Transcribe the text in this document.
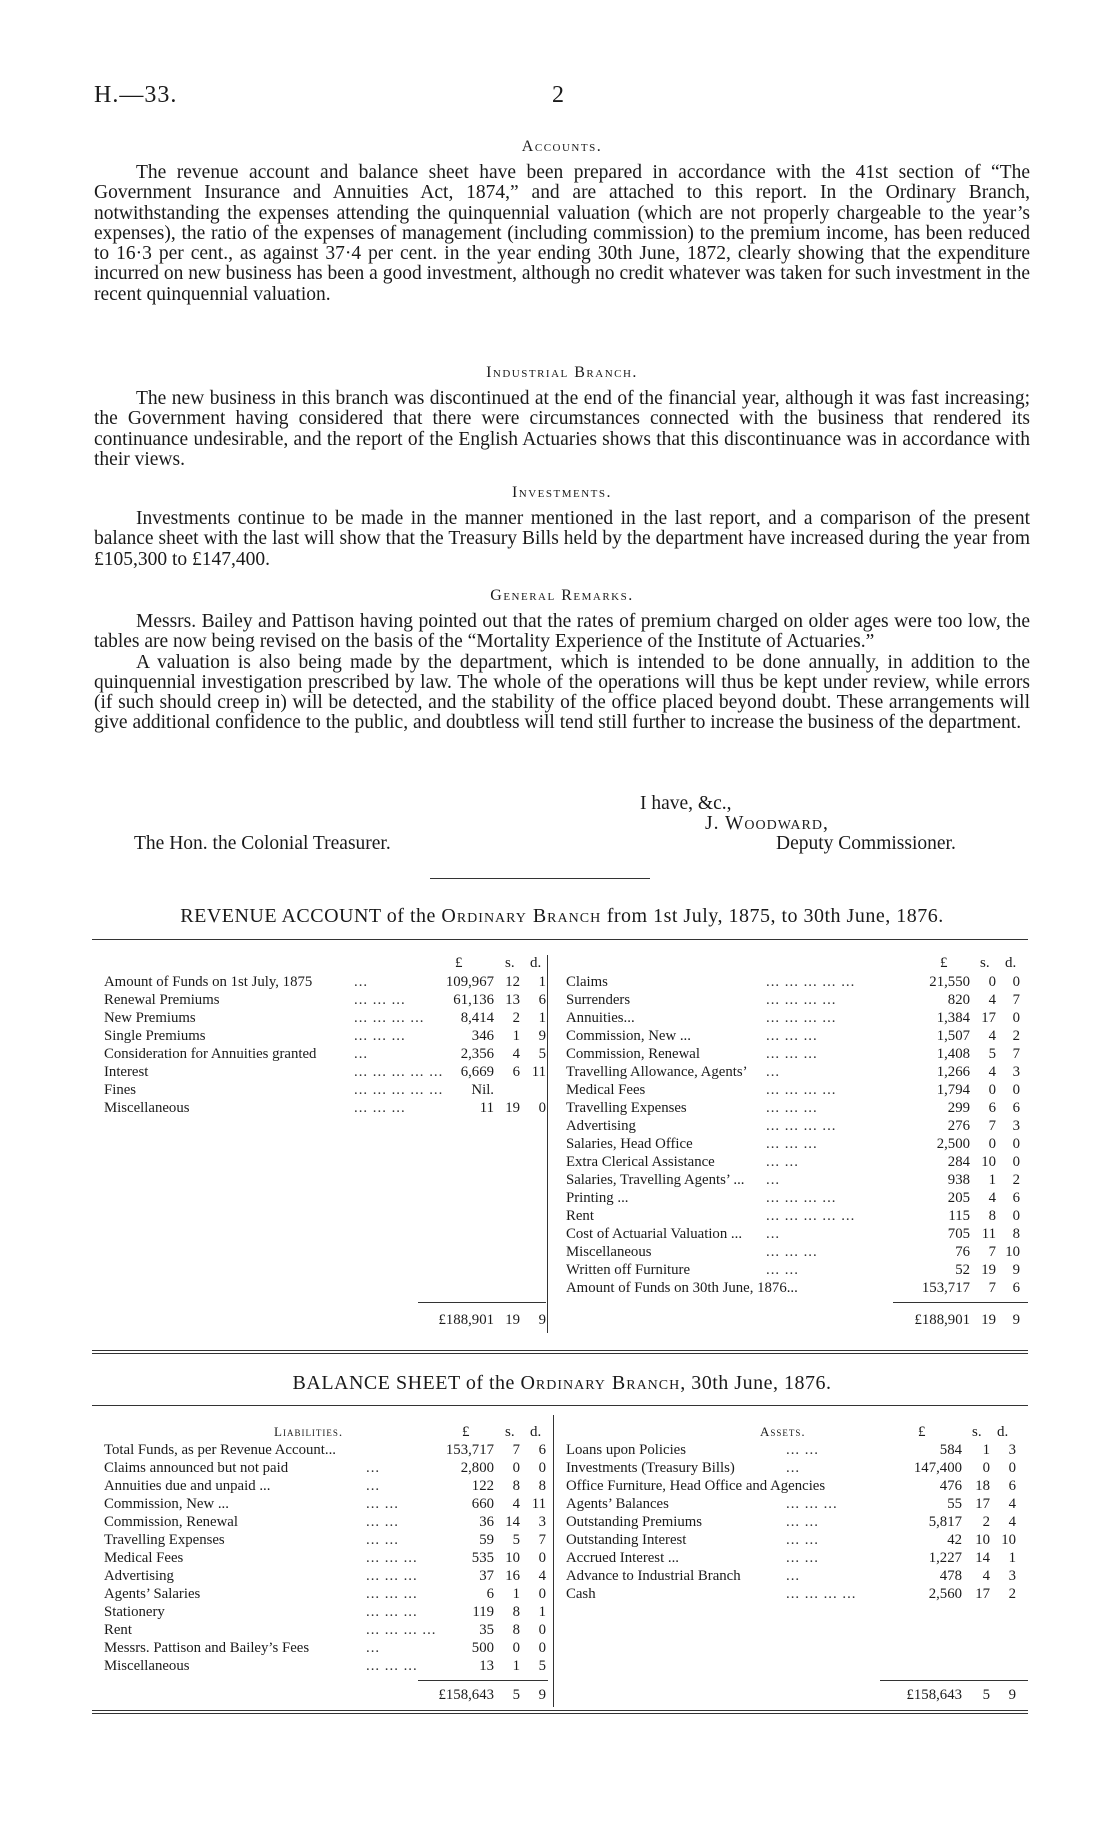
H.—33.	2
Accounts.

The revenue account and balance sheet have been prepared in accordance with the 41st section of “The Government Insurance and Annuities Act, 1874,” and are attached to this report. In the Ordinary Branch, notwithstanding the expenses attending the quinquennial valuation (which are not properly chargeable to the year’s expenses), the ratio of the expenses of management (including commission) to the premium income, has been reduced to 16·3 per cent., as against 37·4 per cent. in the year ending 30th June, 1872, clearly showing that the expenditure incurred on new business has been a good investment, although no credit whatever was taken for such investment in the recent quinquennial valuation.

Industrial Branch.

The new business in this branch was discontinued at the end of the financial year, although it was fast increasing; the Government having considered that there were circumstances connected with the business that rendered its continuance undesirable, and the report of the English Actuaries shows that this discontinuance was in accordance with their views.

Investments.

Investments continue to be made in the manner mentioned in the last report, and a comparison of the present balance sheet with the last will show that the Treasury Bills held by the department have increased during the year from £105,300 to £147,400.

General Remarks.

Messrs. Bailey and Pattison having pointed out that the rates of premium charged on older ages were too low, the tables are now being revised on the basis of the “Mortality Experience of the Institute of Actuaries.”

A valuation is also being made by the department, which is intended to be done annually, in addition to the quinquennial investigation prescribed by law. The whole of the operations will thus be kept under review, while errors (if such should creep in) will be detected, and the stability of the office placed beyond doubt. These arrangements will give additional confidence to the public, and doubtless will tend still further to increase the business of the department.

I have, &c.,
J. Woodward,
The Hon. the Colonial Treasurer.	Deputy Commissioner.
REVENUE ACCOUNT of the Ordinary Branch from 1st July, 1875, to 30th June, 1876.
£	s. d.	£ s. d.
Amount of Funds on 1st July, 1875	...	109,967 12	1
Renewal Premiums	... ... ...	61,136 13	6
New Premiums	... ... ... ...	8,414	2	1
Single Premiums	... ... ...	346	1	9
Consideration for Annuities granted	...	2,356	4	5
Interest	... ... ... ... ...	6,669	6 11
Fines	... ... ... ... ...	Nil.
Miscellaneous	... ... ...	11 19	0
Claims	... ... ... ... ...	21,550	0	0
Surrenders	... ... ... ...	820	4	7
Annuities...	... ... ... ...	1,384 17	0
Commission, New ...	... ... ...	1,507	4	2
Commission, Renewal	... ... ...	1,408	5	7
Travelling Allowance, Agents’ ...	1,266	4	3
Medical Fees	... ... ... ...	1,794	0	0
Travelling Expenses	... ... ...	299	6	6
Advertising	... ... ... ...	276	7	3
Salaries, Head Office	... ... ...	2,500	0	0
Extra Clerical Assistance	... ...	284 10	0
Salaries, Travelling Agents’ ... ...	938	1	2
Printing ...	... ... ... ...	205	4	6
Rent	... ... ... ... ...	115	8	0
Cost of Actuarial Valuation ... ...	705 11	8
Miscellaneous	... ... ...	76	7 10
Written off Furniture	... ...	52 19	9
Amount of Funds on 30th June, 1876...	153,717	7	6
£188,901 19	9	£188,901 19	9
BALANCE SHEET of the Ordinary Branch, 30th June, 1876.
Liabilities.	£ s. d.	Assets.	£	s. d.
Total Funds, as per Revenue Account...	153,717	7	6
Claims announced but not paid	...	2,800	0	0
Annuities due and unpaid ...	...	122	8	8
Commission, New ...	... ...	660	4 11
Commission, Renewal	... ...	36 14	3
Travelling Expenses	... ...	59	5	7
Medical Fees	... ... ...	535 10	0
Advertising	... ... ...	37 16	4
Agents’ Salaries	... ... ...	6	1	0
Stationery	... ... ...	119	8	1
Rent	... ... ... ...	35	8	0
Messrs. Pattison and Bailey’s Fees	...	500	0	0
Miscellaneous	... ... ...	13	1	5
Loans upon Policies	... ...	584	1	3
Investments (Treasury Bills)	...	147,400	0	0
Office Furniture, Head Office and Agencies	476 18	6
Agents’ Balances	... ... ...	55 17	4
Outstanding Premiums	... ...	5,817	2	4
Outstanding Interest	... ...	42 10 10
Accrued Interest ...	... ...	1,227 14	1
Advance to Industrial Branch	...	478	4	3
Cash	... ... ... ...	2,560 17	2
£158,643	5	9	£158,643	5	9
